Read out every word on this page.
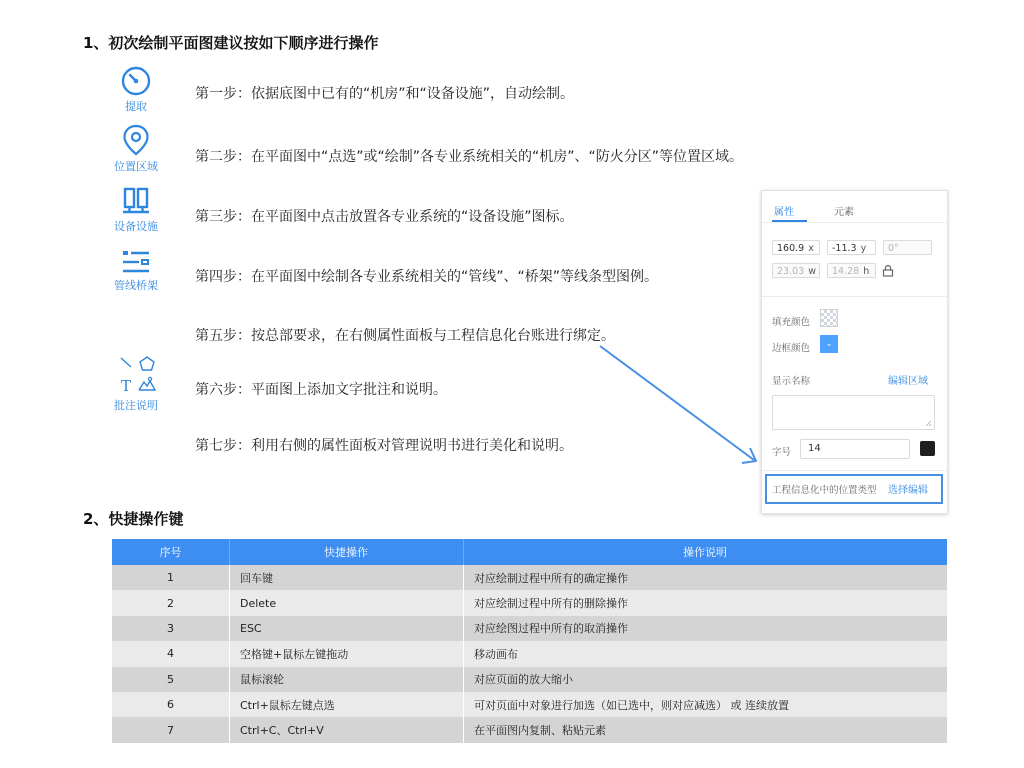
1、初次绘制平面图建议按如下顺序进行操作
提取
第一步：依据底图中已有的“机房”和“设备设施”，自动绘制。
位置区域
第二步：在平面图中“点选”或“绘制”各专业系统相关的“机房”、“防火分区”等位置区域。
设备设施
第三步：在平面图中点击放置各专业系统的“设备设施”图标。
管线桥架
第四步：在平面图中绘制各专业系统相关的“管线”、“桥架”等线条型图例。
第五步：按总部要求，在右侧属性面板与工程信息化台账进行绑定。
T
批注说明
第六步：平面图上添加文字批注和说明。
第七步：利用右侧的属性面板对管理说明书进行美化和说明。
属性	元素
160.9 x	-11.3 y	0°
23.03 w	14.28 h
填充颜色
边框颜色	⌄
显示名称	编辑区域
字号	14
工程信息化中的位置类型 选择编辑
2、快捷操作键
序号	快捷操作	操作说明
1	回车键	对应绘制过程中所有的确定操作
2	Delete	对应绘制过程中所有的删除操作
3	ESC	对应绘图过程中所有的取消操作
4	空格键+鼠标左键拖动	移动画布
5	鼠标滚轮	对应页面的放大缩小
6	Ctrl+鼠标左键点选	可对页面中对象进行加选（如已选中，则对应减选） 或 连续放置
7	Ctrl+C、Ctrl+V	在平面图内复制、粘贴元素
